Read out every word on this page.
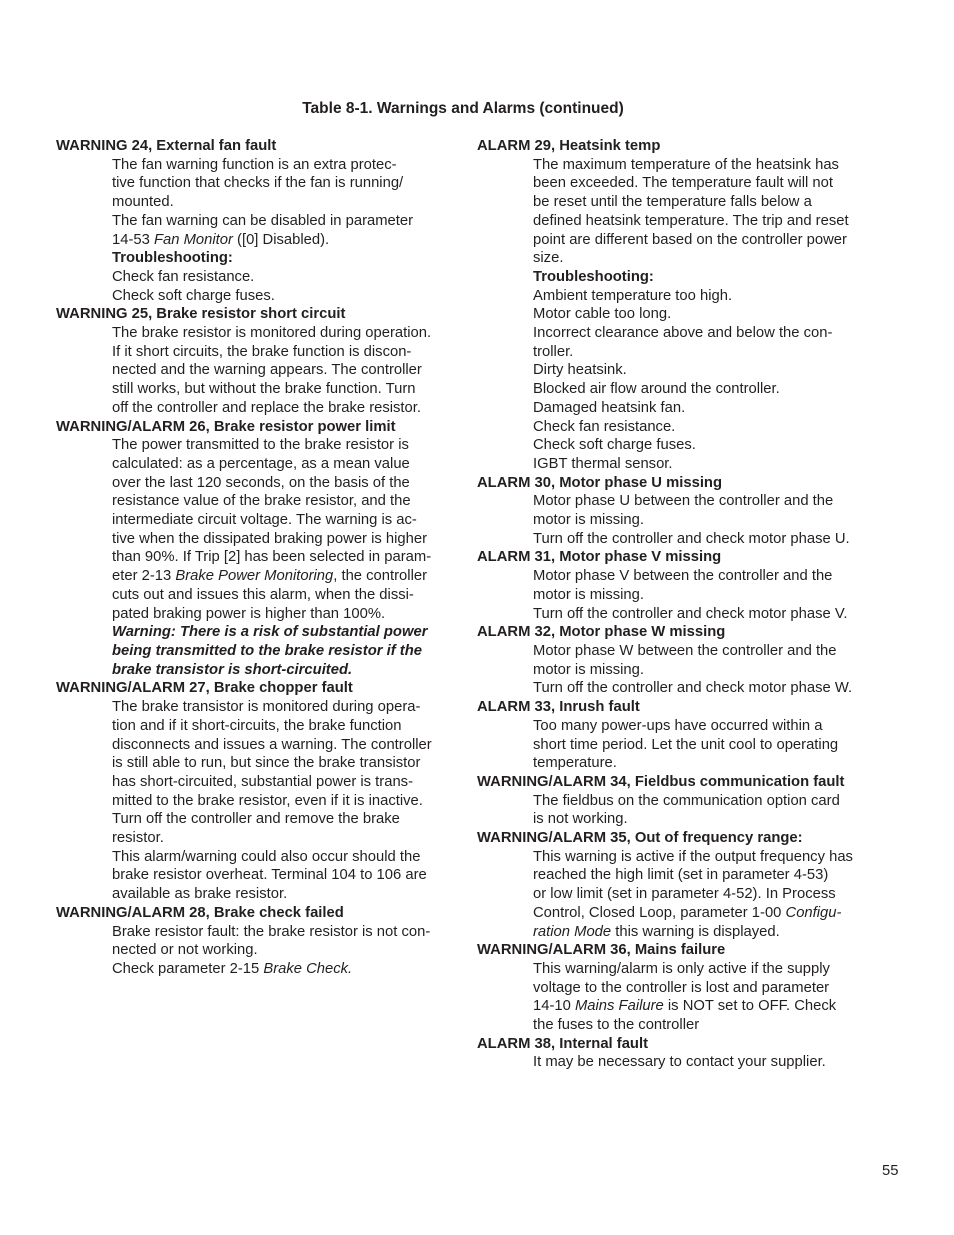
Table 8-1. Warnings and Alarms (continued)
WARNING 24, External fan fault
The fan warning function is an extra protec-
tive function that checks if the fan is running/
mounted.
The fan warning can be disabled in parameter
14-53 Fan Monitor ([0] Disabled).
Troubleshooting:
Check fan resistance.
Check soft charge fuses.
WARNING 25, Brake resistor short circuit
The brake resistor is monitored during operation.
If it short circuits, the brake function is discon-
nected and the warning appears. The controller
still works, but without the brake function. Turn
off the controller and replace the brake resistor.
WARNING/ALARM 26, Brake resistor power limit
The power transmitted to the brake resistor is
calculated: as a percentage, as a mean value
over the last 120 seconds, on the basis of the
resistance value of the brake resistor, and the
intermediate circuit voltage. The warning is ac-
tive when the dissipated braking power is higher
than 90%. If Trip [2] has been selected in param-
eter 2-13 Brake Power Monitoring, the controller
cuts out and issues this alarm, when the dissi-
pated braking power is higher than 100%.
Warning: There is a risk of substantial power
being transmitted to the brake resistor if the
brake transistor is short-circuited.
WARNING/ALARM 27, Brake chopper fault
The brake transistor is monitored during opera-
tion and if it short-circuits, the brake function
disconnects and issues a warning. The controller
is still able to run, but since the brake transistor
has short-circuited, substantial power is trans-
mitted to the brake resistor, even if it is inactive.
Turn off the controller and remove the brake
resistor.
This alarm/warning could also occur should the
brake resistor overheat. Terminal 104 to 106 are
available as brake resistor.
WARNING/ALARM 28, Brake check failed
Brake resistor fault: the brake resistor is not con-
nected or not working.
Check parameter 2-15 Brake Check.
ALARM 29, Heatsink temp
The maximum temperature of the heatsink has
been exceeded. The temperature fault will not
be reset until the temperature falls below a
defined heatsink temperature. The trip and reset
point are different based on the controller power
size.
Troubleshooting:
Ambient temperature too high.
Motor cable too long.
Incorrect clearance above and below the con-
troller.
Dirty heatsink.
Blocked air flow around the controller.
Damaged heatsink fan.
Check fan resistance.
Check soft charge fuses.
IGBT thermal sensor.
ALARM 30, Motor phase U missing
Motor phase U between the controller and the
motor is missing.
Turn off the controller and check motor phase U.
ALARM 31, Motor phase V missing
Motor phase V between the controller and the
motor is missing.
Turn off the controller and check motor phase V.
ALARM 32, Motor phase W missing
Motor phase W between the controller and the
motor is missing.
Turn off the controller and check motor phase W.
ALARM 33, Inrush fault
Too many power-ups have occurred within a
short time period. Let the unit cool to operating
temperature.
WARNING/ALARM 34, Fieldbus communication fault
The fieldbus on the communication option card
is not working.
WARNING/ALARM 35, Out of frequency range:
This warning is active if the output frequency has
reached the high limit (set in parameter 4-53)
or low limit (set in parameter 4-52). In Process
Control, Closed Loop, parameter 1-00 Configu-
ration Mode this warning is displayed.
WARNING/ALARM 36, Mains failure
This warning/alarm is only active if the supply
voltage to the controller is lost and parameter
14-10 Mains Failure is NOT set to OFF. Check
the fuses to the controller
ALARM 38, Internal fault
It may be necessary to contact your supplier.
55
